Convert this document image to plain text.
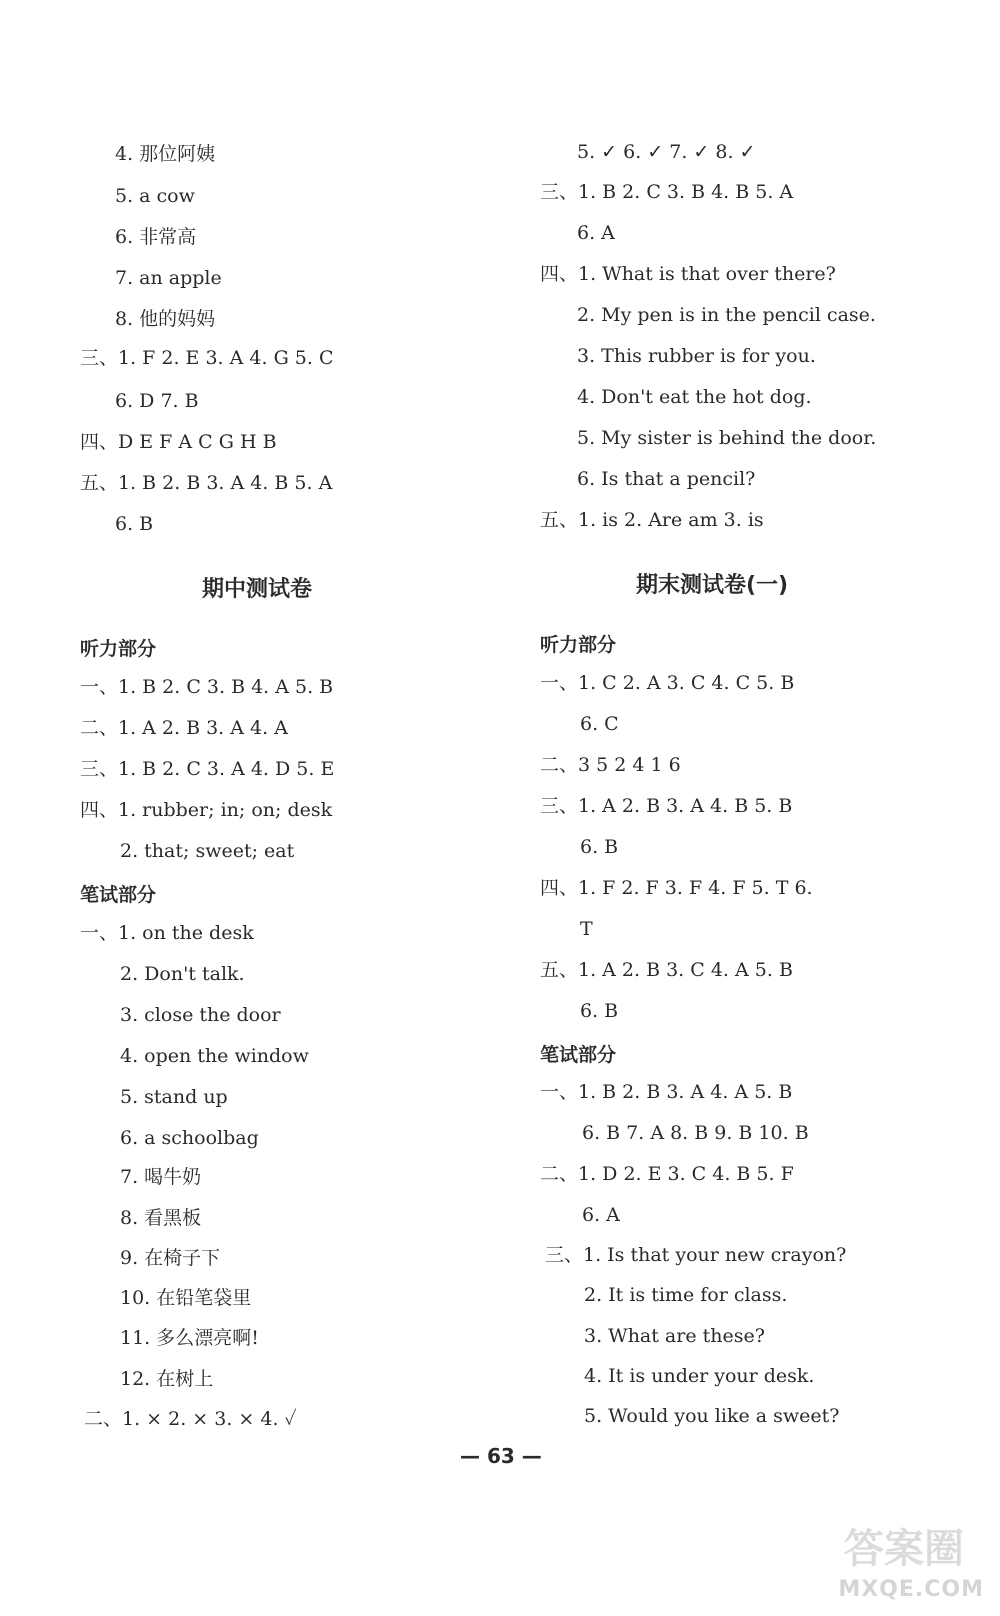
4. 那位阿姨
5. a cow
6. 非常高
7. an apple
8. 他的妈妈
三、1. F 2. E 3. A 4. G 5. C
6. D 7. B
四、D E F A C G H B
五、1. B 2. B 3. A 4. B 5. A
6. B
期中测试卷
听力部分
一、1. B 2. C 3. B 4. A 5. B
二、1. A 2. B 3. A 4. A
三、1. B 2. C 3. A 4. D 5. E
四、1. rubber; in; on; desk
2. that; sweet; eat
笔试部分
一、1. on the desk
2. Don't talk.
3. close the door
4. open the window
5. stand up
6. a schoolbag
7. 喝牛奶
8. 看黑板
9. 在椅子下
10. 在铅笔袋里
11. 多么漂亮啊!
12. 在树上
二、1. × 2. × 3. × 4. ✓
5. ✓ 6. ✓ 7. ✓ 8. ✓
三、1. B 2. C 3. B 4. B 5. A
6. A
四、1. What is that over there?
2. My pen is in the pencil case.
3. This rubber is for you.
4. Don't eat the hot dog.
5. My sister is behind the door.
6. Is that a pencil?
五、1. is 2. Are am 3. is
期末测试卷(一)
听力部分
一、1. C 2. A 3. C 4. C 5. B
6. C
二、3 5 2 4 1 6
三、1. A 2. B 3. A 4. B 5. B
6. B
四、1. F 2. F 3. F 4. F 5. T 6.
T
五、1. A 2. B 3. C 4. A 5. B
6. B
笔试部分
一、1. B 2. B 3. A 4. A 5. B
6. B 7. A 8. B 9. B 10. B
二、1. D 2. E 3. C 4. B 5. F
6. A
三、1. Is that your new crayon?
2. It is time for class.
3. What are these?
4. It is under your desk.
5. Would you like a sweet?
— 63 —
答案圈
MXQE.COM
